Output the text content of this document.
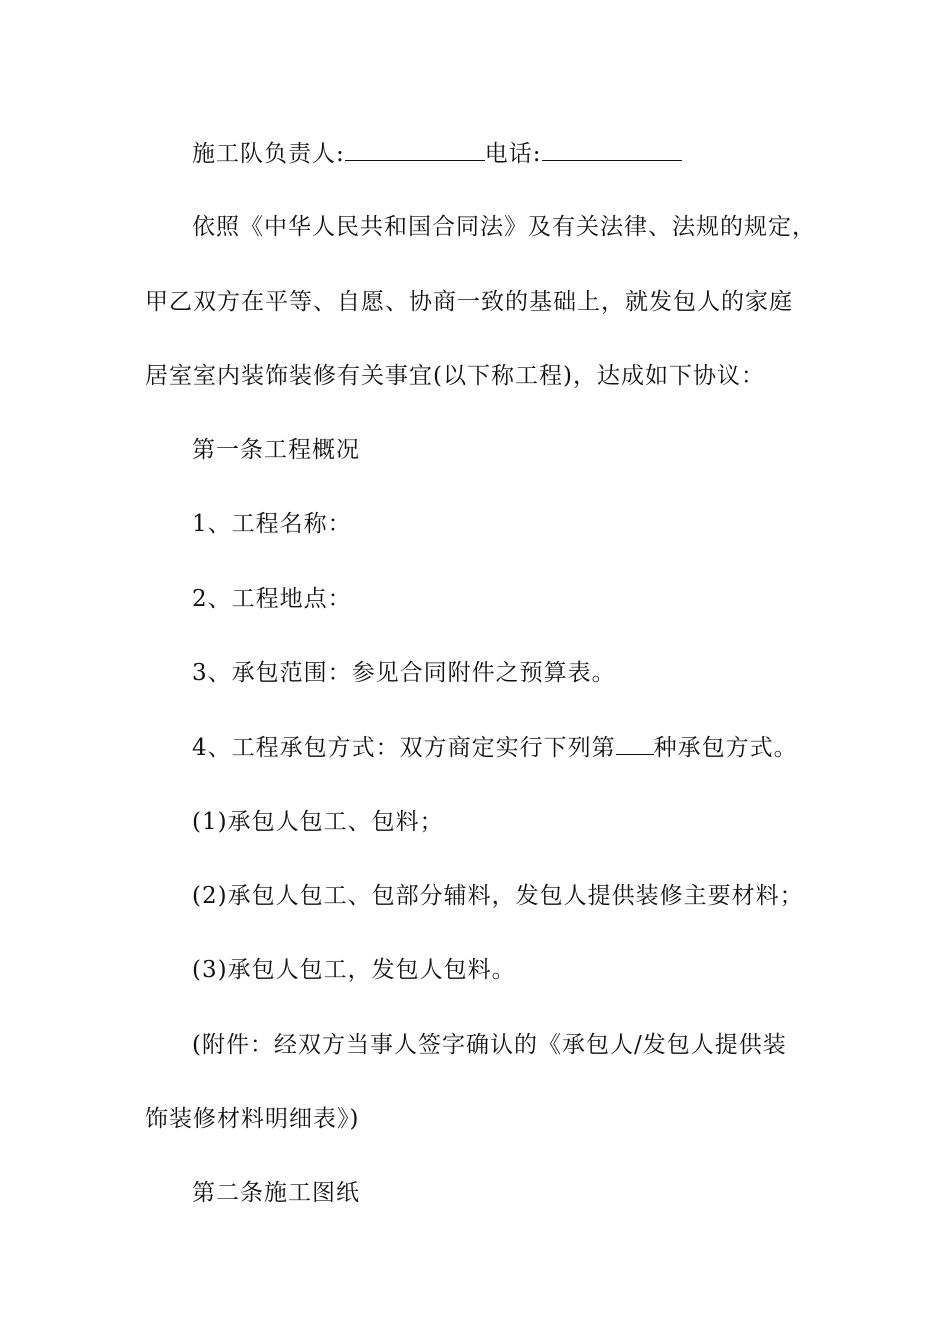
施工队负责人:	电话:
依照《中华人民共和国合同法》及有关法律、法规的规定，
甲乙双方在平等、自愿、协商一致的基础上，就发包人的家庭
居室室内装饰装修有关事宜(以下称工程)，达成如下协议：
第一条工程概况
1、工程名称：
2、工程地点：
3、承包范围：参见合同附件之预算表。
4、工程承包方式：双方商定实行下列第 种承包方式。
(1)承包人包工、包料；
(2)承包人包工、包部分辅料，发包人提供装修主要材料；
(3)承包人包工，发包人包料。
(附件：经双方当事人签字确认的《承包人/发包人提供装
饰装修材料明细表》)
第二条施工图纸
